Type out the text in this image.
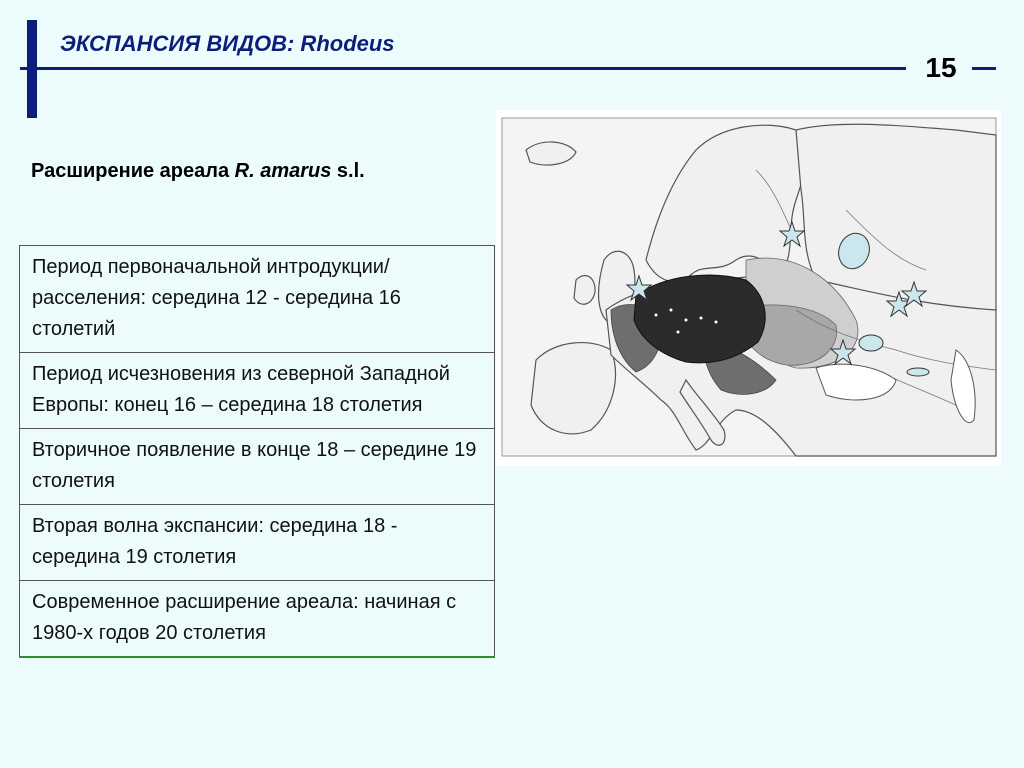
ЭКСПАНСИЯ ВИДОВ: Rhodeus
15
Расширение ареала R. amarus s.l.
Период первоначальной интродукции/расселения: середина 12 - середина 16 столетий
Период исчезновения из северной Западной Европы: конец 16 – середина 18 столетия
Вторичное появление в конце 18 – середине 19 столетия
Вторая волна экспансии: середина 18 - середина 19 столетия
Современное расширение ареала: начиная с 1980-х годов 20 столетия
